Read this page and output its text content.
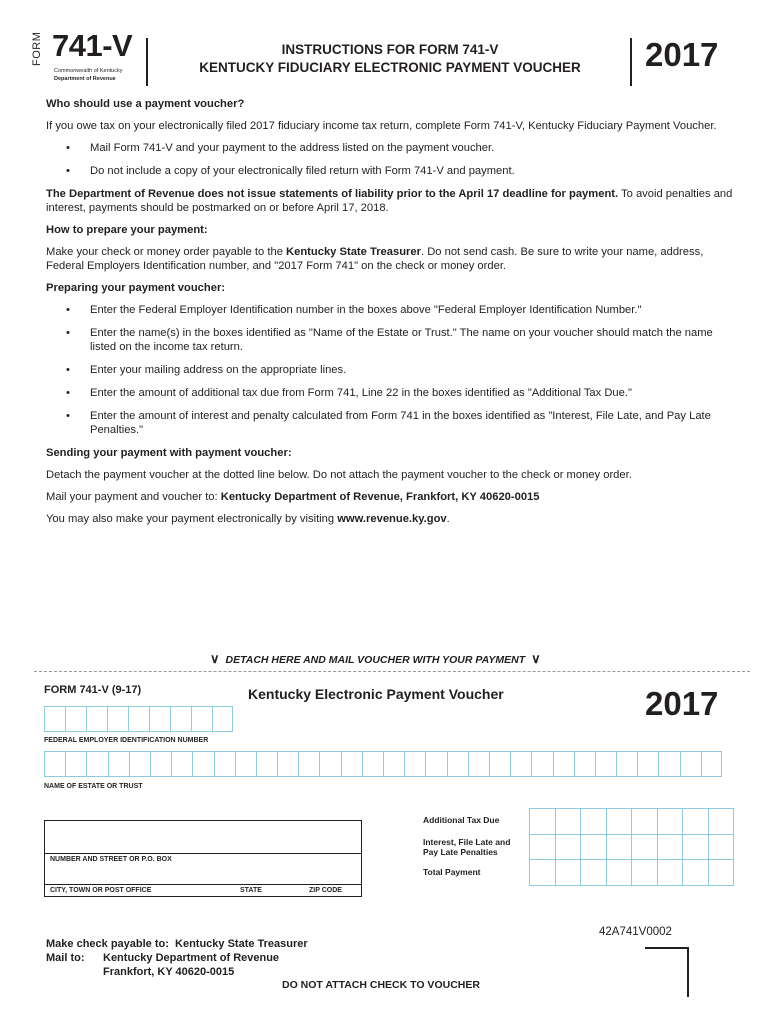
FORM 741-V
Commonwealth of Kentucky
Department of Revenue
INSTRUCTIONS FOR FORM 741-V
KENTUCKY FIDUCIARY ELECTRONIC PAYMENT VOUCHER	2017

Who should use a payment voucher?

If you owe tax on your electronically filed 2017 fiduciary income tax return, complete Form 741-V, Kentucky Fiduciary Payment Voucher.

• Mail Form 741-V and your payment to the address listed on the payment voucher.
• Do not include a copy of your electronically filed return with Form 741-V and payment.

The Department of Revenue does not issue statements of liability prior to the April 17 deadline for payment. To avoid penalties and interest, payments should be postmarked on or before April 17, 2018.

How to prepare your payment:

Make your check or money order payable to the Kentucky State Treasurer. Do not send cash. Be sure to write your name, address, Federal Employers Identification number, and "2017 Form 741" on the check or money order.

Preparing your payment voucher:

• Enter the Federal Employer Identification number in the boxes above "Federal Employer Identification Number."
• Enter the name(s) in the boxes identified as "Name of the Estate or Trust." The name on your voucher should match the name listed on the income tax return.
• Enter your mailing address on the appropriate lines.
• Enter the amount of additional tax due from Form 741, Line 22 in the boxes identified as "Additional Tax Due."
• Enter the amount of interest and penalty calculated from Form 741 in the boxes identified as "Interest, File Late, and Pay Late Penalties."

Sending your payment with payment voucher:

Detach the payment voucher at the dotted line below. Do not attach the payment voucher to the check or money order.

Mail your payment and voucher to: Kentucky Department of Revenue, Frankfort, KY 40620-0015

You may also make your payment electronically by visiting www.revenue.ky.gov.

∨ DETACH HERE AND MAIL VOUCHER WITH YOUR PAYMENT ∨
FORM 741-V (9-17)	Kentucky Electronic Payment Voucher	2017
FEDERAL EMPLOYER IDENTIFICATION NUMBER
NAME OF ESTATE OR TRUST
NUMBER AND STREET OR P.O. BOX
CITY, TOWN OR POST OFFICE	STATE	ZIP CODE
Additional Tax Due
Interest, File Late and
Pay Late Penalties
Total Payment
42A741V0002
Make check payable to:
Kentucky State Treasurer
Mail to:	Kentucky Department of Revenue
Frankfort, KY 40620-0015
DO NOT ATTACH CHECK TO VOUCHER
